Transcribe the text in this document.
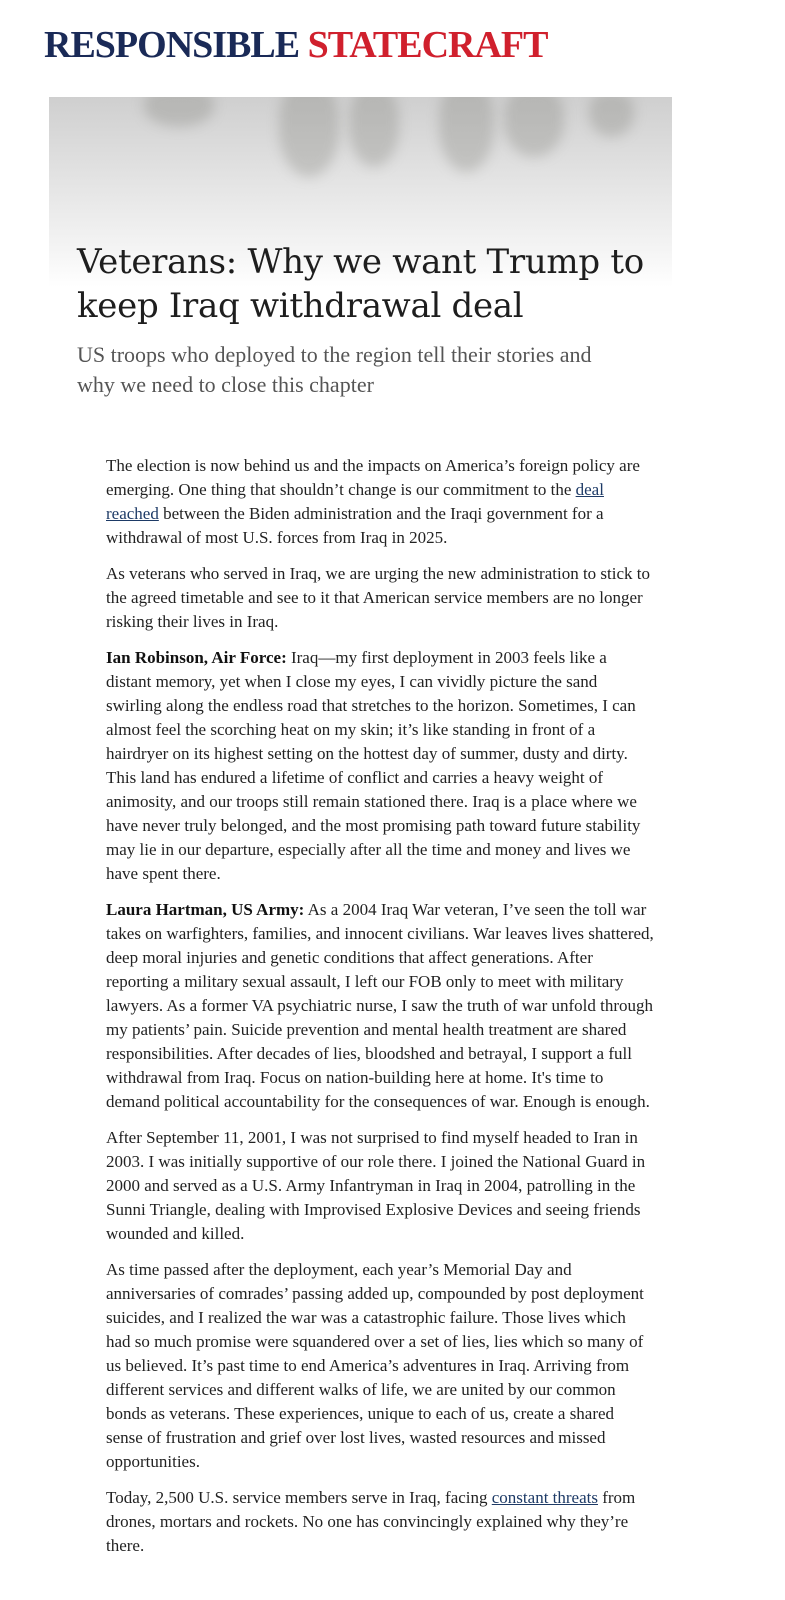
RESPONSIBLE STATECRAFT
Veterans: Why we want Trump to keep Iraq withdrawal deal

US troops who deployed to the region tell their stories and why we need to close this chapter

The election is now behind us and the impacts on America’s foreign policy are emerging. One thing that shouldn’t change is our commitment to the deal reached between the Biden administration and the Iraqi government for a withdrawal of most U.S. forces from Iraq in 2025.

As veterans who served in Iraq, we are urging the new administration to stick to the agreed timetable and see to it that American service members are no longer risking their lives in Iraq.

Ian Robinson, Air Force: Iraq—my first deployment in 2003 feels like a distant memory, yet when I close my eyes, I can vividly picture the sand swirling along the endless road that stretches to the horizon. Sometimes, I can almost feel the scorching heat on my skin; it’s like standing in front of a hairdryer on its highest setting on the hottest day of summer, dusty and dirty. This land has endured a lifetime of conflict and carries a heavy weight of animosity, and our troops still remain stationed there. Iraq is a place where we have never truly belonged, and the most promising path toward future stability may lie in our departure, especially after all the time and money and lives we have spent there.

Laura Hartman, US Army: As a 2004 Iraq War veteran, I’ve seen the toll war takes on warfighters, families, and innocent civilians. War leaves lives shattered, deep moral injuries and genetic conditions that affect generations. After reporting a military sexual assault, I left our FOB only to meet with military lawyers. As a former VA psychiatric nurse, I saw the truth of war unfold through my patients’ pain. Suicide prevention and mental health treatment are shared responsibilities. After decades of lies, bloodshed and betrayal, I support a full withdrawal from Iraq. Focus on nation-building here at home. It's time to demand political accountability for the consequences of war. Enough is enough.

After September 11, 2001, I was not surprised to find myself headed to Iran in 2003. I was initially supportive of our role there. I joined the National Guard in 2000 and served as a U.S. Army Infantryman in Iraq in 2004, patrolling in the Sunni Triangle, dealing with Improvised Explosive Devices and seeing friends wounded and killed.

As time passed after the deployment, each year’s Memorial Day and anniversaries of comrades’ passing added up, compounded by post deployment suicides, and I realized the war was a catastrophic failure. Those lives which had so much promise were squandered over a set of lies, lies which so many of us believed. It’s past time to end America’s adventures in Iraq. Arriving from different services and different walks of life, we are united by our common bonds as veterans. These experiences, unique to each of us, create a shared sense of frustration and grief over lost lives, wasted resources and missed opportunities.

Today, 2,500 U.S. service members serve in Iraq, facing constant threats from drones, mortars and rockets. No one has convincingly explained why they’re there.
